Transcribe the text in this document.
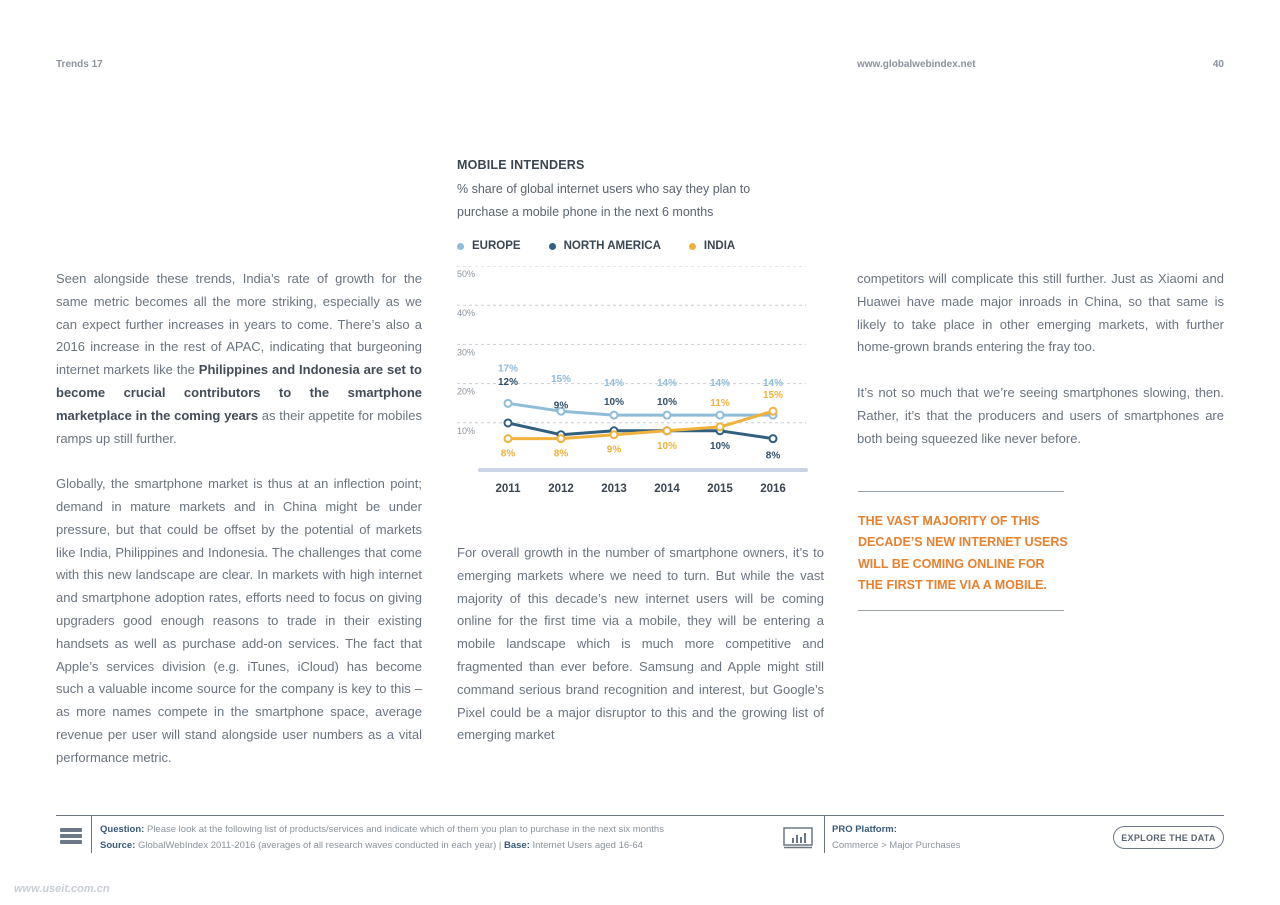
Trends 17	www.globalwebindex.net	40

Seen alongside these trends, India’s rate of growth for the same metric becomes all the more striking, especially as we can expect further increases in years to come. There’s also a 2016 increase in the rest of APAC, indicating that burgeoning internet markets like the Philippines and Indonesia are set to become crucial contributors to the smartphone marketplace in the coming years as their appetite for mobiles ramps up still further.

Globally, the smartphone market is thus at an inflection point; demand in mature markets and in China might be under pressure, but that could be offset by the potential of markets like India, Philippines and Indonesia. The challenges that come with this new landscape are clear. In markets with high internet and smartphone adoption rates, efforts need to focus on giving upgraders good enough reasons to trade in their existing handsets as well as purchase add-on services. The fact that Apple’s services division (e.g. iTunes, iCloud) has become such a valuable income source for the company is key to this – as more names compete in the smartphone space, average revenue per user will stand alongside user numbers as a vital performance metric.

MOBILE INTENDERS
% share of global internet users who say they plan to purchase a mobile phone in the next 6 months
EUROPE	NORTH AMERICA	INDIA
10%
20%
30%
40%
50%
2011 2012 2013 2014 2015 2016
17%
15%	14%	14%	14%	14%
12%
9%	10%	10%
10%
8%
8%	8%	9%	10%
11%
15%

For overall growth in the number of smartphone owners, it’s to emerging markets where we need to turn. But while the vast majority of this decade’s new internet users will be coming online for the first time via a mobile, they will be entering a mobile landscape which is much more competitive and fragmented than ever before. Samsung and Apple might still command serious brand recognition and interest, but Google’s Pixel could be a major disruptor to this and the growing list of emerging market

competitors will complicate this still further. Just as Xiaomi and Huawei have made major inroads in China, so that same is likely to take place in other emerging markets, with further home-grown brands entering the fray too.

It’s not so much that we’re seeing smartphones slowing, then. Rather, it’s that the producers and users of smartphones are both being squeezed like never before.

THE VAST MAJORITY OF THIS DECADE’S NEW INTERNET USERS WILL BE COMING ONLINE FOR THE FIRST TIME VIA A MOBILE.
Question: Please look at the following list of products/services and indicate which of them you plan to purchase in the next six months
Source: GlobalWebIndex 2011-2016 (averages of all research waves conducted in each year) | Base: Internet Users aged 16-64
PRO Platform:
Commerce > Major Purchases
EXPLORE THE DATA
www.useit.com.cn
